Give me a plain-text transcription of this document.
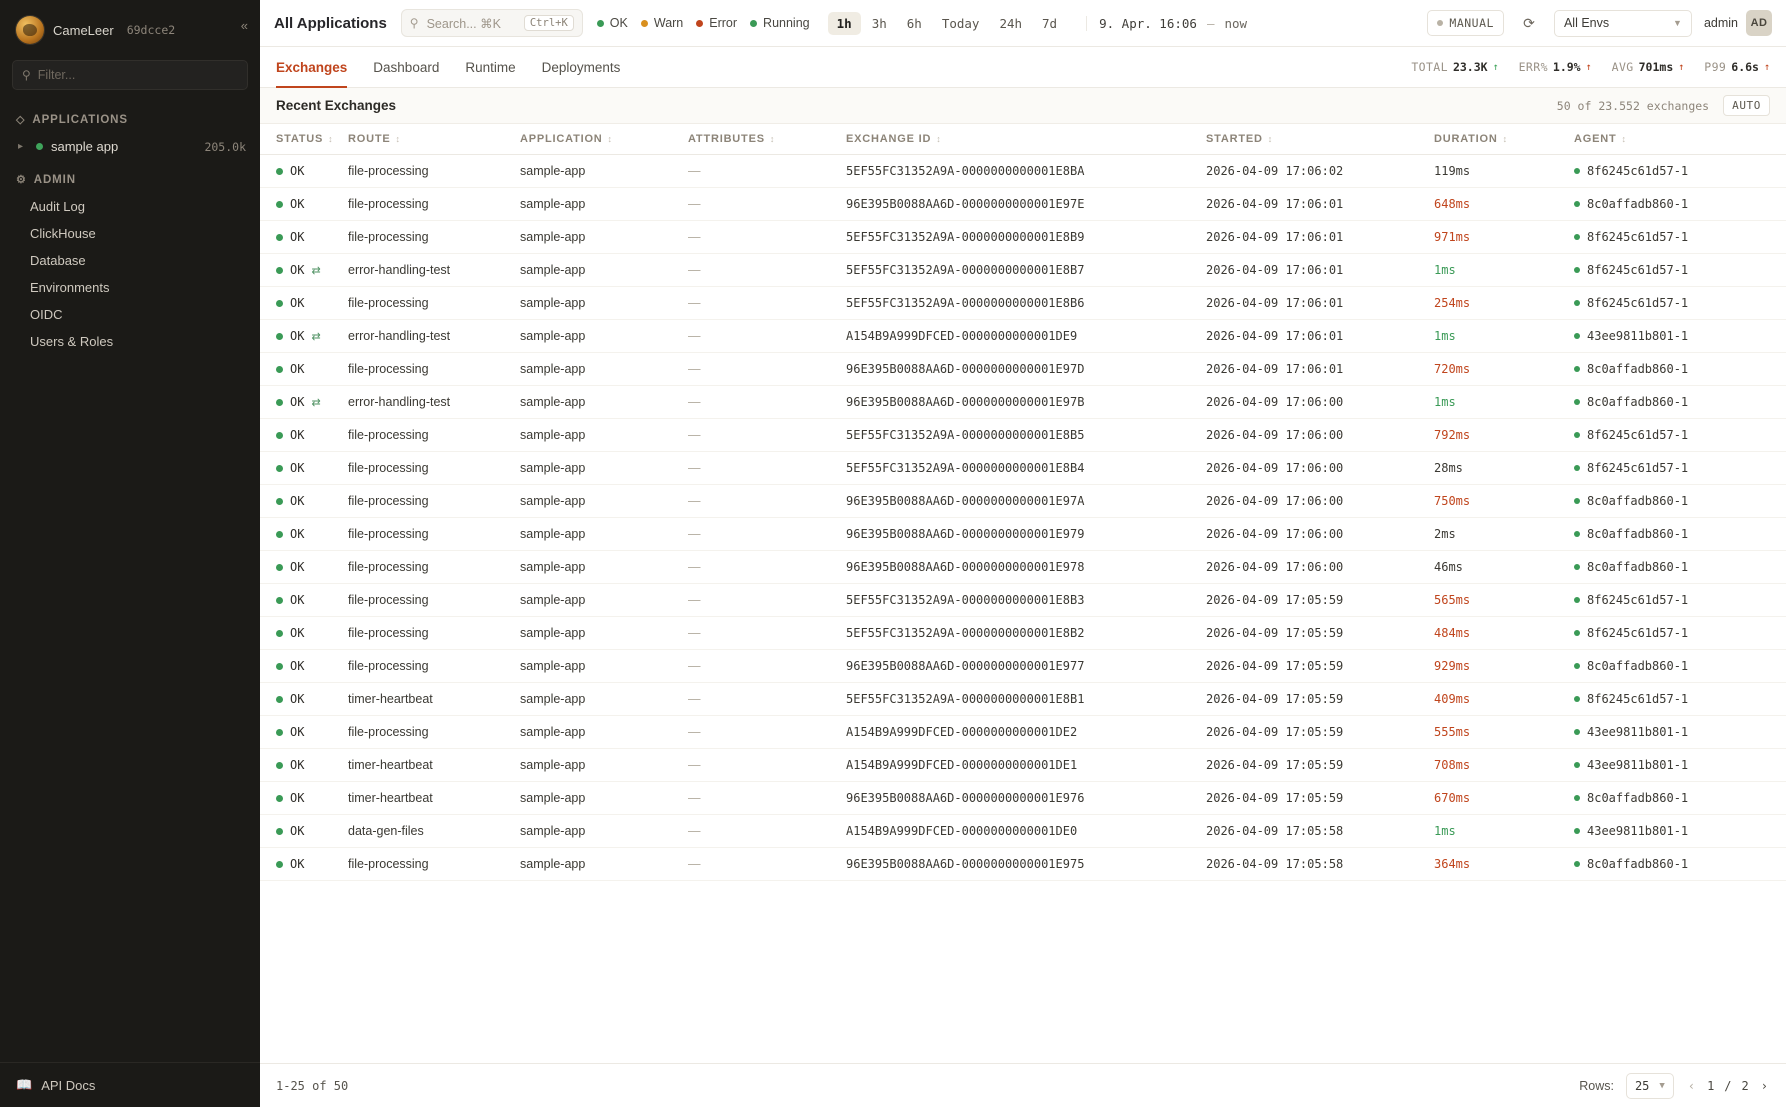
CameLeer 69dcce2	«
⚲
Filter...
◇ APPLICATIONS
▸	sample app	205.0k
⚙ ADMIN
Audit Log
ClickHouse
Database
Environments
OIDC
Users & Roles
📖 API Docs
All Applications ⚲ Search... ⌘K	Ctrl+K	OK Warn Error Running	1h	3h	6h	Today	24h	7d	9. Apr. 16:06 — now	MANUAL	⟳	All Envs	▼ admin	AD
Exchanges Dashboard Runtime Deployments	TOTAL 23.3K ↑ ERR% 1.9% ↑ AVG 701ms ↑ P99 6.6s ↑
Recent Exchanges	50 of 23.552 exchanges	AUTO
STATUS ↕	ROUTE ↕	APPLICATION ↕	ATTRIBUTES ↕	EXCHANGE ID ↕	STARTED ↕	DURATION ↕	AGENT ↕

OK	file-processing	sample-app	—	5EF55FC31352A9A-0000000000001E8BA	2026-04-09 17:06:02	119ms	8f6245c61d57-1

OK	file-processing	sample-app	—	96E395B0088AA6D-0000000000001E97E	2026-04-09 17:06:01	648ms	8c0affadb860-1

OK	file-processing	sample-app	—	5EF55FC31352A9A-0000000000001E8B9	2026-04-09 17:06:01	971ms	8f6245c61d57-1

OK ⇄	error-handling-test	sample-app	—	5EF55FC31352A9A-0000000000001E8B7	2026-04-09 17:06:01	1ms	8f6245c61d57-1

OK	file-processing	sample-app	—	5EF55FC31352A9A-0000000000001E8B6	2026-04-09 17:06:01	254ms	8f6245c61d57-1

OK ⇄	error-handling-test	sample-app	—	A154B9A999DFCED-0000000000001DE9	2026-04-09 17:06:01	1ms	43ee9811b801-1

OK	file-processing	sample-app	—	96E395B0088AA6D-0000000000001E97D	2026-04-09 17:06:01	720ms	8c0affadb860-1

OK ⇄	error-handling-test	sample-app	—	96E395B0088AA6D-0000000000001E97B	2026-04-09 17:06:00	1ms	8c0affadb860-1

OK	file-processing	sample-app	—	5EF55FC31352A9A-0000000000001E8B5	2026-04-09 17:06:00	792ms	8f6245c61d57-1

OK	file-processing	sample-app	—	5EF55FC31352A9A-0000000000001E8B4	2026-04-09 17:06:00	28ms	8f6245c61d57-1

OK	file-processing	sample-app	—	96E395B0088AA6D-0000000000001E97A	2026-04-09 17:06:00	750ms	8c0affadb860-1

OK	file-processing	sample-app	—	96E395B0088AA6D-0000000000001E979	2026-04-09 17:06:00	2ms	8c0affadb860-1

OK	file-processing	sample-app	—	96E395B0088AA6D-0000000000001E978	2026-04-09 17:06:00	46ms	8c0affadb860-1

OK	file-processing	sample-app	—	5EF55FC31352A9A-0000000000001E8B3	2026-04-09 17:05:59	565ms	8f6245c61d57-1

OK	file-processing	sample-app	—	5EF55FC31352A9A-0000000000001E8B2	2026-04-09 17:05:59	484ms	8f6245c61d57-1

OK	file-processing	sample-app	—	96E395B0088AA6D-0000000000001E977	2026-04-09 17:05:59	929ms	8c0affadb860-1

OK	timer-heartbeat	sample-app	—	5EF55FC31352A9A-0000000000001E8B1	2026-04-09 17:05:59	409ms	8f6245c61d57-1

OK	file-processing	sample-app	—	A154B9A999DFCED-0000000000001DE2	2026-04-09 17:05:59	555ms	43ee9811b801-1

OK	timer-heartbeat	sample-app	—	A154B9A999DFCED-0000000000001DE1	2026-04-09 17:05:59	708ms	43ee9811b801-1

OK	timer-heartbeat	sample-app	—	96E395B0088AA6D-0000000000001E976	2026-04-09 17:05:59	670ms	8c0affadb860-1

OK	data-gen-files	sample-app	—	A154B9A999DFCED-0000000000001DE0	2026-04-09 17:05:58	1ms	43ee9811b801-1

OK	file-processing	sample-app	—	96E395B0088AA6D-0000000000001E975	2026-04-09 17:05:58	364ms	8c0affadb860-1
1-25 of 50	Rows: 25 ▼ ‹ 1 / 2 ›
